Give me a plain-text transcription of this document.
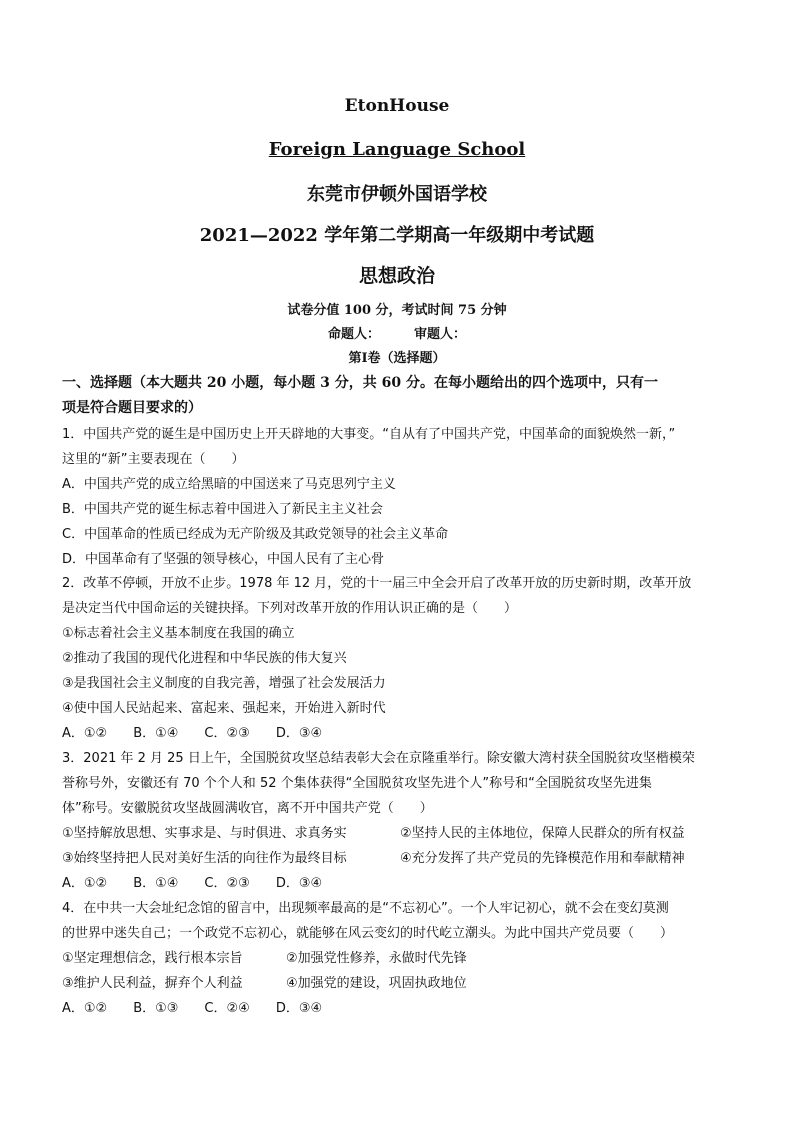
EtonHouse
Foreign Language School
东莞市伊顿外国语学校
2021—2022 学年第二学期高一年级期中考试题
思想政治
试卷分值 100 分，考试时间 75 分钟
命题人：	审题人：
第Ⅰ卷（选择题）
一、选择题（本大题共 20 小题，每小题 3 分，共 60 分。在每小题给出的四个选项中，只有一
项是符合题目要求的）
1．中国共产党的诞生是中国历史上开天辟地的大事变。“自从有了中国共产党，中国革命的面貌焕然一新，”
这里的“新”主要表现在（　　）
A．中国共产党的成立给黑暗的中国送来了马克思列宁主义
B．中国共产党的诞生标志着中国进入了新民主主义社会
C．中国革命的性质已经成为无产阶级及其政党领导的社会主义革命
D．中国革命有了坚强的领导核心，中国人民有了主心骨
2．改革不停顿，开放不止步。1978 年 12 月，党的十一届三中全会开启了改革开放的历史新时期，改革开放
是决定当代中国命运的关键抉择。下列对改革开放的作用认识正确的是（　　）
①标志着社会主义基本制度在我国的确立
②推动了我国的现代化进程和中华民族的伟大复兴
③是我国社会主义制度的自我完善，增强了社会发展活力
④使中国人民站起来、富起来、强起来，开始进入新时代
A．①②　　B．①④　　C．②③　　D．③④
3．2021 年 2 月 25 日上午，全国脱贫攻坚总结表彰大会在京隆重举行。除安徽大湾村获全国脱贫攻坚楷模荣
誉称号外，安徽还有 70 个个人和 52 个集体获得“全国脱贫攻坚先进个人”称号和“全国脱贫攻坚先进集
体”称号。安徽脱贫攻坚战圆满收官，离不开中国共产党（　　）
①坚持解放思想、实事求是、与时俱进、求真务实	②坚持人民的主体地位，保障人民群众的所有权益
③始终坚持把人民对美好生活的向往作为最终目标	④充分发挥了共产党员的先锋模范作用和奉献精神
A．①②　　B．①④　　C．②③　　D．③④
4．在中共一大会址纪念馆的留言中，出现频率最高的是“不忘初心”。一个人牢记初心，就不会在变幻莫测
的世界中迷失自己；一个政党不忘初心，就能够在风云变幻的时代屹立潮头。为此中国共产党员要（　　）
①坚定理想信念，践行根本宗旨	②加强党性修养，永做时代先锋
③维护人民利益，摒弃个人利益	④加强党的建设，巩固执政地位
A．①②　　B．①③　　C．②④　　D．③④
